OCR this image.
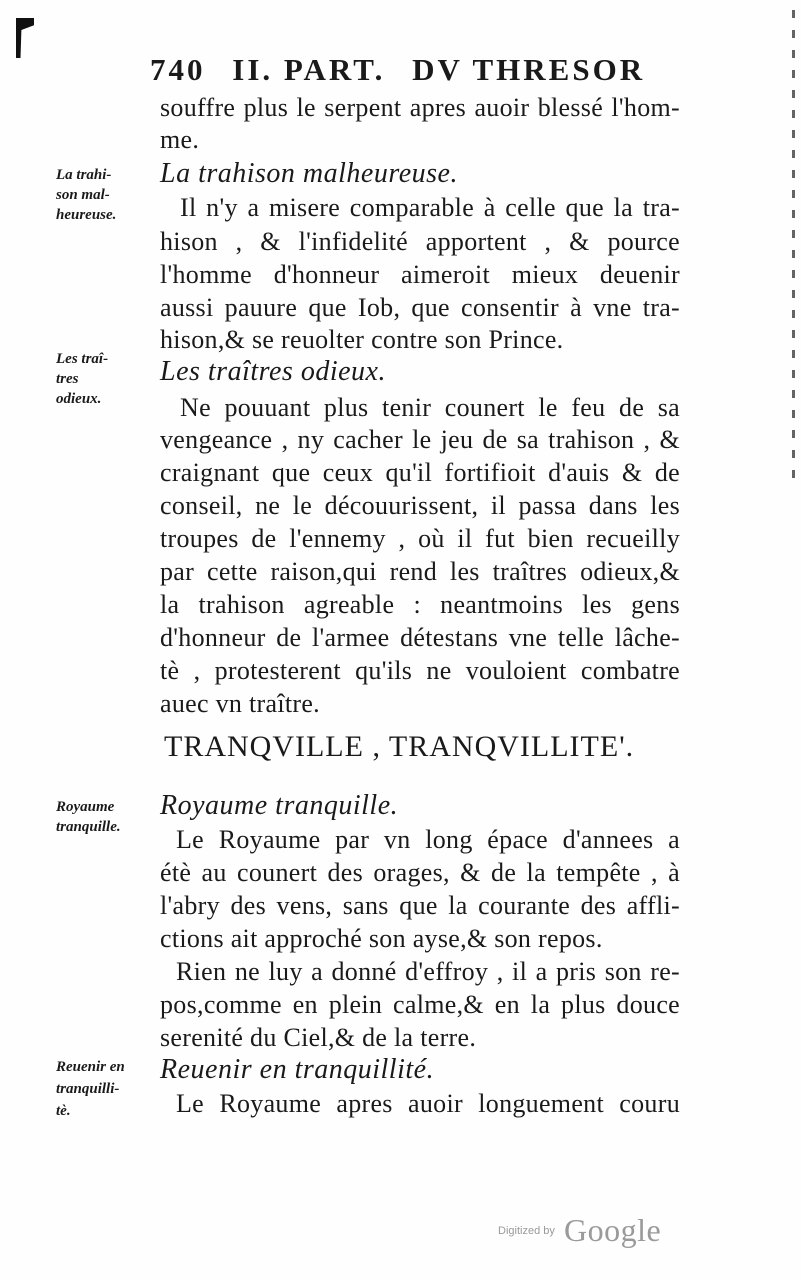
740 II. PART. DV THRESOR
souffre plus le serpent apres auoir blessé l'hom-
me.
La trahi-
son mal-
heureuse.
La trahison malheureuse.
Il n'y a misere comparable à celle que la tra-
hison , & l'infidelité apportent , & pource
l'homme d'honneur aimeroit mieux deuenir
aussi pauure que Iob, que consentir à vne tra-
hison,& se reuolter contre son Prince.
Les traî-
tres
odieux.
Les traîtres odieux.
Ne pouuant plus tenir counert le feu de sa
vengeance , ny cacher le jeu de sa trahison , &
craignant que ceux qu'il fortifioit d'auis & de
conseil, ne le découurissent, il passa dans les
troupes de l'ennemy , où il fut bien recueilly
par cette raison,qui rend les traîtres odieux,&
la trahison agreable : neantmoins les gens
d'honneur de l'armee détestans vne telle lâche-
tè , protesterent qu'ils ne vouloient combatre
auec vn traître.
TRANQVILLE , TRANQVILLITE'.
Royaume
tranquille.
Royaume tranquille.
Le Royaume par vn long épace d'annees a
étè au counert des orages, & de la tempête , à
l'abry des vens, sans que la courante des affli-
ctions ait approché son ayse,& son repos.
Rien ne luy a donné d'effroy , il a pris son re-
pos,comme en plein calme,& en la plus douce
serenité du Ciel,& de la terre.
Reuenir en
tranquilli-
tè.
Reuenir en tranquillité.
Le Royaume apres auoir longuement couru
Digitized by Google
